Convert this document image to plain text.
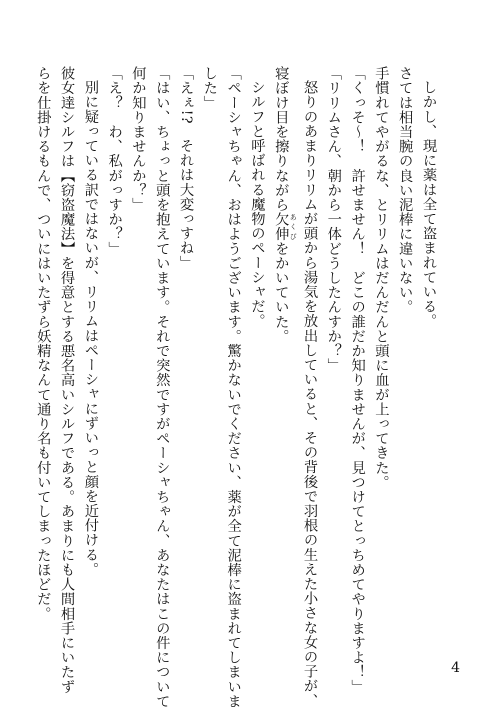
しかし、現に薬は全て盗まれている。
さては相当腕の良い泥棒に違いない。
手慣れてやがるな、とリリムはだんだんと頭に血が上ってきた。
「くっそ〜！　許せません！　どこの誰だか知りませんが、見つけてとっちめてやりますよ！」
「リリムさん、朝から一体どうしたんすか？」
怒りのあまりリリムが頭から湯気を放出していると、その背後で羽根の生えた小さな女の子が、
寝ぼけ目を擦りながら欠伸 あくびをかいていた。
シルフと呼ばれる魔物のペーシャだ。
「ペーシャちゃん、おはようございます。驚かないでください、薬が全て泥棒に盗まれてしまいま
した」
「えぇ!?　それは大変っすね」
「はい、ちょっと頭を抱えています。それで突然ですがペーシャちゃん、あなたはこの件について
何か知りませんか？」
「え？　わ、私がっすか？」
別に疑っている訳ではないが、リリムはペーシャにずいっと顔を近付ける。
彼女達シルフは【窃盗魔法】を得意とする悪名高いシルフである。あまりにも人間相手にいたず
らを仕掛けるもんで、ついにはいたずら妖精なんて通り名も付いてしまったほどだ。
4
